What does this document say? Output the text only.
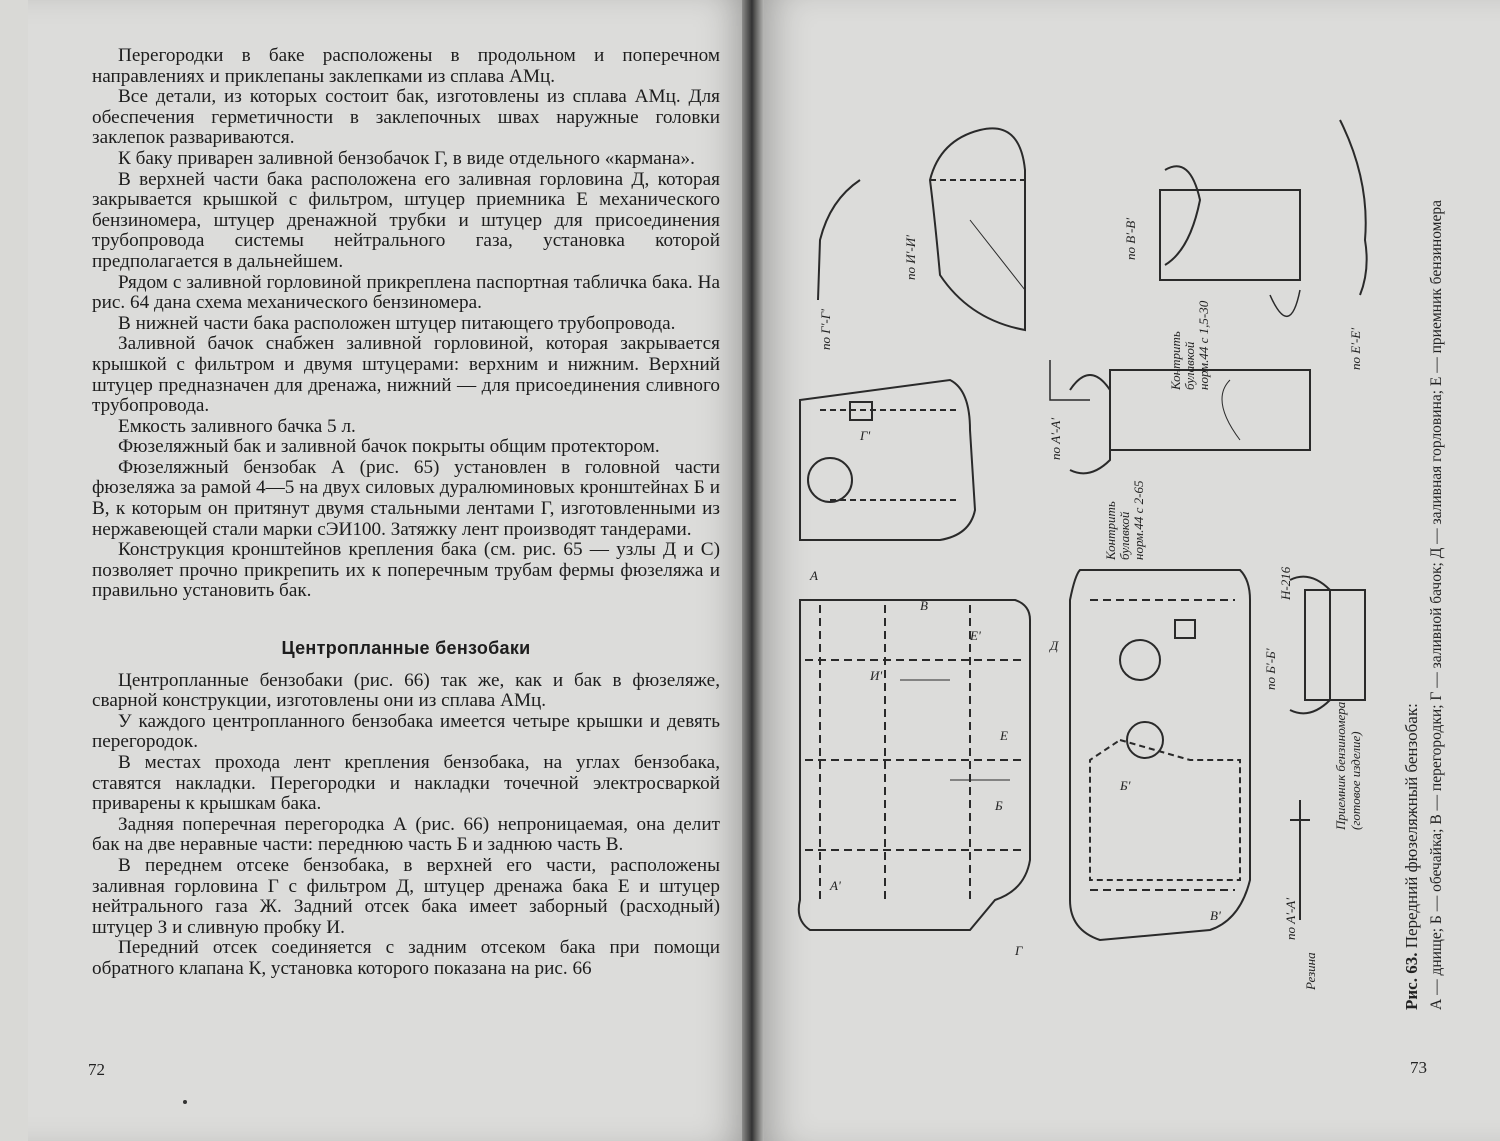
Перегородки в баке расположены в продольном и поперечном направлениях и приклепаны заклепками из сплава АМц.

Все детали, из которых состоит бак, изготовлены из сплава АМц. Для обеспечения герметичности в заклепочных швах наружные головки заклепок развариваются.

К баку приварен заливной бензобачок Г, в виде отдельного «кармана».

В верхней части бака расположена его заливная горловина Д, которая закрывается крышкой с фильтром, штуцер приемника Е механического бензиномера, штуцер дренажной трубки и штуцер для присоединения трубопровода системы нейтрального газа, установка которой предполагается в дальнейшем.

Рядом с заливной горловиной прикреплена паспортная табличка бака. На рис. 64 дана схема механического бензиномера.

В нижней части бака расположен штуцер питающего трубопровода.

Заливной бачок снабжен заливной горловиной, которая закрывается крышкой с фильтром и двумя штуцерами: верхним и нижним. Верхний штуцер предназначен для дренажа, нижний — для присоединения сливного трубопровода.

Емкость заливного бачка 5 л.

Фюзеляжный бак и заливной бачок покрыты общим протектором.

Фюзеляжный бензобак А (рис. 65) установлен в головной части фюзеляжа за рамой 4—5 на двух силовых дуралюминовых кронштейнах Б и В, к которым он притянут двумя стальными лентами Г, изготовленными из нержавеющей стали марки сЭИ100. Затяжку лент производят тандерами.

Конструкция кронштейнов крепления бака (см. рис. 65 — узлы Д и С) позволяет прочно прикрепить их к поперечным трубам фермы фюзеляжа и правильно установить бак.

Центропланные бензобаки

Центропланные бензобаки (рис. 66) так же, как и бак в фюзеляже, сварной конструкции, изготовлены они из сплава АМц.

У каждого центропланного бензобака имеется четыре крышки и девять перегородок.

В местах прохода лент крепления бензобака, на углах бензобака, ставятся накладки. Перегородки и накладки точечной электросваркой приварены к крышкам бака.

Задняя поперечная перегородка А (рис. 66) непроницаемая, она делит бак на две неравные части: переднюю часть Б и заднюю часть В.

В переднем отсеке бензобака, в верхней его части, расположены заливная горловина Г с фильтром Д, штуцер дренажа бака Е и штуцер нейтрального газа Ж. Задний отсек бака имеет заборный (расходный) штуцер З и сливную пробку И.

Передний отсек соединяется с задним отсеком бака при помощи обратного клапана К, установка которого показана на рис. 66

72
по Г'-Г'
по И'-И'	по В'-В'
по Е'-Е'
по А'-А'
по Б'-Б'
по А'-А'
Контрить булавкой норм.44 с 1,5-30
Контрить булавкой норм.44 с 2-65
Н-216
Приемник бензиномера (готовое изделие)
Резина
А
В
Е
Б
Г
Д
Г'
Е'
И'
В'
А'
Б'
Рис. 63. Передний фюзеляжный бензобак: А — днище; Б — обечайка; В — перегородки; Г — заливной бачок; Д — заливная горловина; Е — приемник бензиномера
73
